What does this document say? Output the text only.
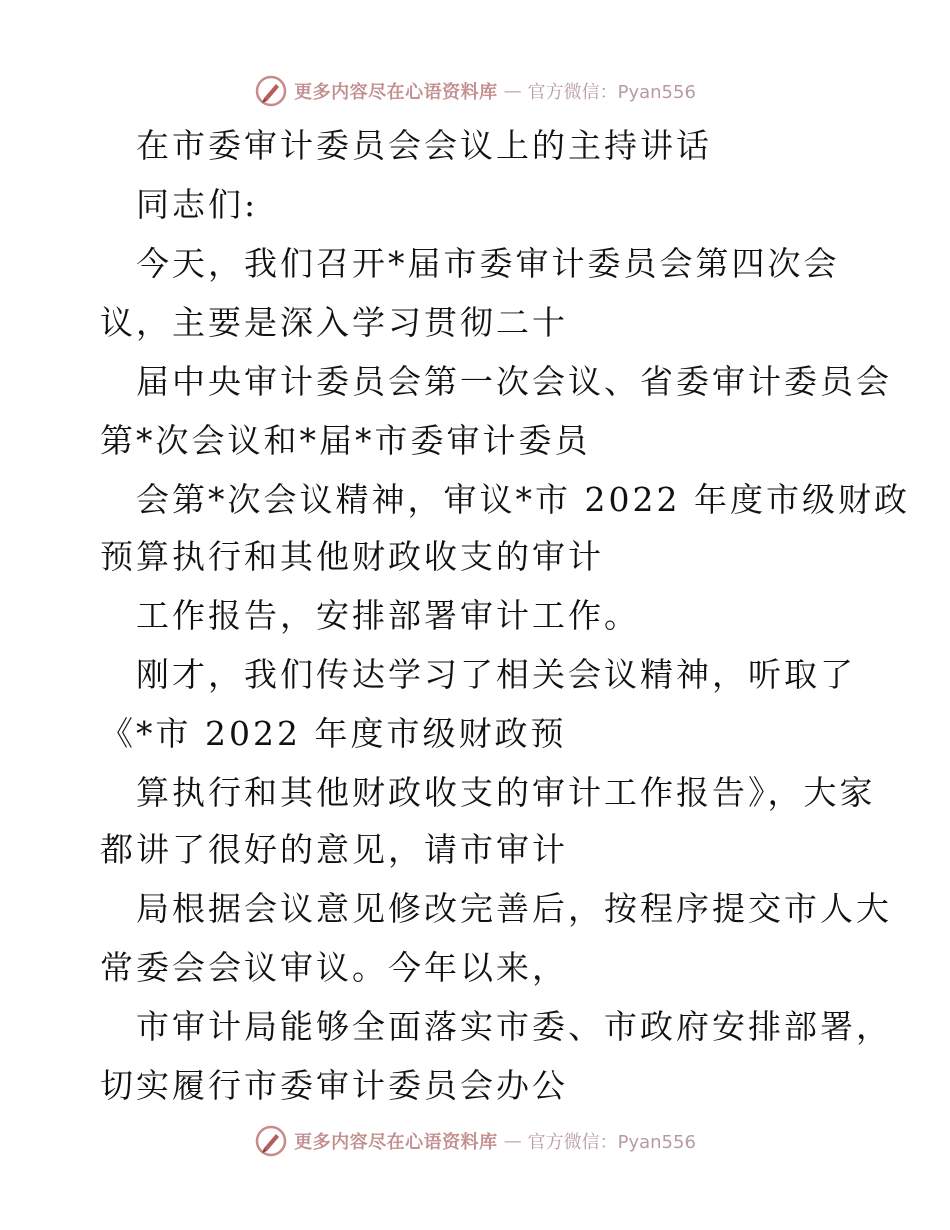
更多内容尽在心语资料库 — 官方微信：Pyan556
在市委审计委员会会议上的主持讲话
同志们:
今天，我们召开*届市委审计委员会第四次会
议，主要是深入学习贯彻二十
届中央审计委员会第一次会议、省委审计委员会
第*次会议和*届*市委审计委员
会第*次会议精神，审议*市 2022 年度市级财政
预算执行和其他财政收支的审计
工作报告，安排部署审计工作。
刚才，我们传达学习了相关会议精神，听取了
《*市 2022 年度市级财政预
算执行和其他财政收支的审计工作报告》，大家
都讲了很好的意见，请市审计
局根据会议意见修改完善后，按程序提交市人大
常委会会议审议。今年以来，
市审计局能够全面落实市委、市政府安排部署，
切实履行市委审计委员会办公
更多内容尽在心语资料库 — 官方微信：Pyan556
